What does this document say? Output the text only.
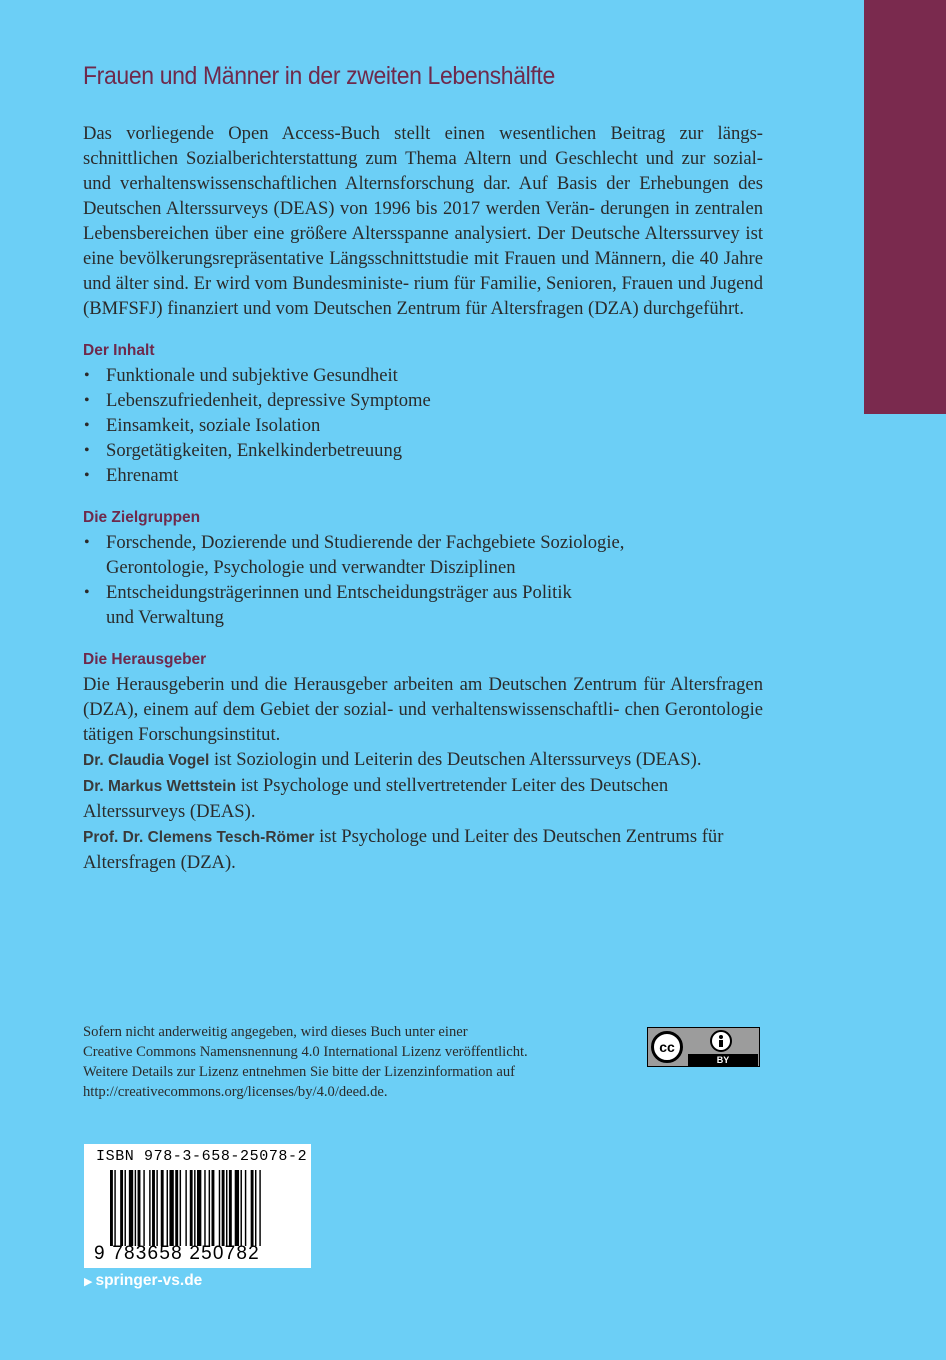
Frauen und Männer in der zweiten Lebenshälfte

Das vorliegende Open Access-Buch stellt einen wesentlichen Beitrag zur längs- schnittlichen Sozialberichterstattung zum Thema Altern und Geschlecht und zur sozial- und verhaltenswissenschaftlichen Alternsforschung dar. Auf Basis der Erhebungen des Deutschen Alterssurveys (DEAS) von 1996 bis 2017 werden Verän- derungen in zentralen Lebensbereichen über eine größere Altersspanne analysiert. Der Deutsche Alterssurvey ist eine bevölkerungsrepräsentative Längsschnittstudie mit Frauen und Männern, die 40 Jahre und älter sind. Er wird vom Bundesministe- rium für Familie, Senioren, Frauen und Jugend (BMFSFJ) finanziert und vom Deutschen Zentrum für Altersfragen (DZA) durchgeführt.

Der Inhalt
• Funktionale und subjektive Gesundheit
• Lebenszufriedenheit, depressive Symptome
• Einsamkeit, soziale Isolation
• Sorgetätigkeiten, Enkelkinderbetreuung
• Ehrenamt
Die Zielgruppen
• Forschende, Dozierende und Studierende der Fachgebiete Soziologie,
Gerontologie, Psychologie und verwandter Disziplinen
• Entscheidungsträgerinnen und Entscheidungsträger aus Politik
und Verwaltung
Die Herausgeber

Die Herausgeberin und die Herausgeber arbeiten am Deutschen Zentrum für Altersfragen (DZA), einem auf dem Gebiet der sozial- und verhaltenswissenschaftli- chen Gerontologie tätigen Forschungsinstitut.

Dr. Claudia Vogel ist Soziologin und Leiterin des Deutschen Alterssurveys (DEAS).
Dr. Markus Wettstein ist Psychologe und stellvertretender Leiter des Deutschen
Alterssurveys (DEAS).
Prof. Dr. Clemens Tesch-Römer ist Psychologe und Leiter des Deutschen Zentrums für
Altersfragen (DZA).
Sofern nicht anderweitig angegeben, wird dieses Buch unter einer
Creative Commons Namensnennung 4.0 International Lizenz veröffentlicht.
Weitere Details zur Lizenz entnehmen Sie bitte der Lizenzinformation auf
http://creativecommons.org/licenses/by/4.0/deed.de.
cc
BY
ISBN 978-3-658-25078-2
9 783658 250782
▶ springer-vs.de
